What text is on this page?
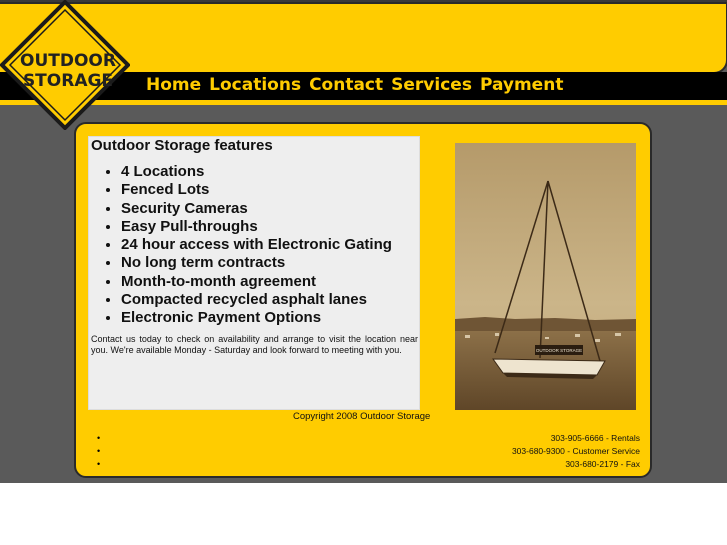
Home Locations Contact Services Payment
OUTDOOR
STORAGE
Outdoor Storage features
• 4 Locations
• Fenced Lots
• Security Cameras
• Easy Pull-throughs
• 24 hour access with Electronic Gating
• No long term contracts
• Month-to-month agreement
• Compacted recycled asphalt lanes
• Electronic Payment Options

Contact us today to check on availability and arrange to visit the location near you. We're available Monday - Saturday and look forward to meeting with you.	OUTDOOR STORAGE
Copyright 2008 Outdoor Storage
•	303-905-6666 - Rentals
•	303-680-9300 - Customer Service
•	303-680-2179 - Fax
